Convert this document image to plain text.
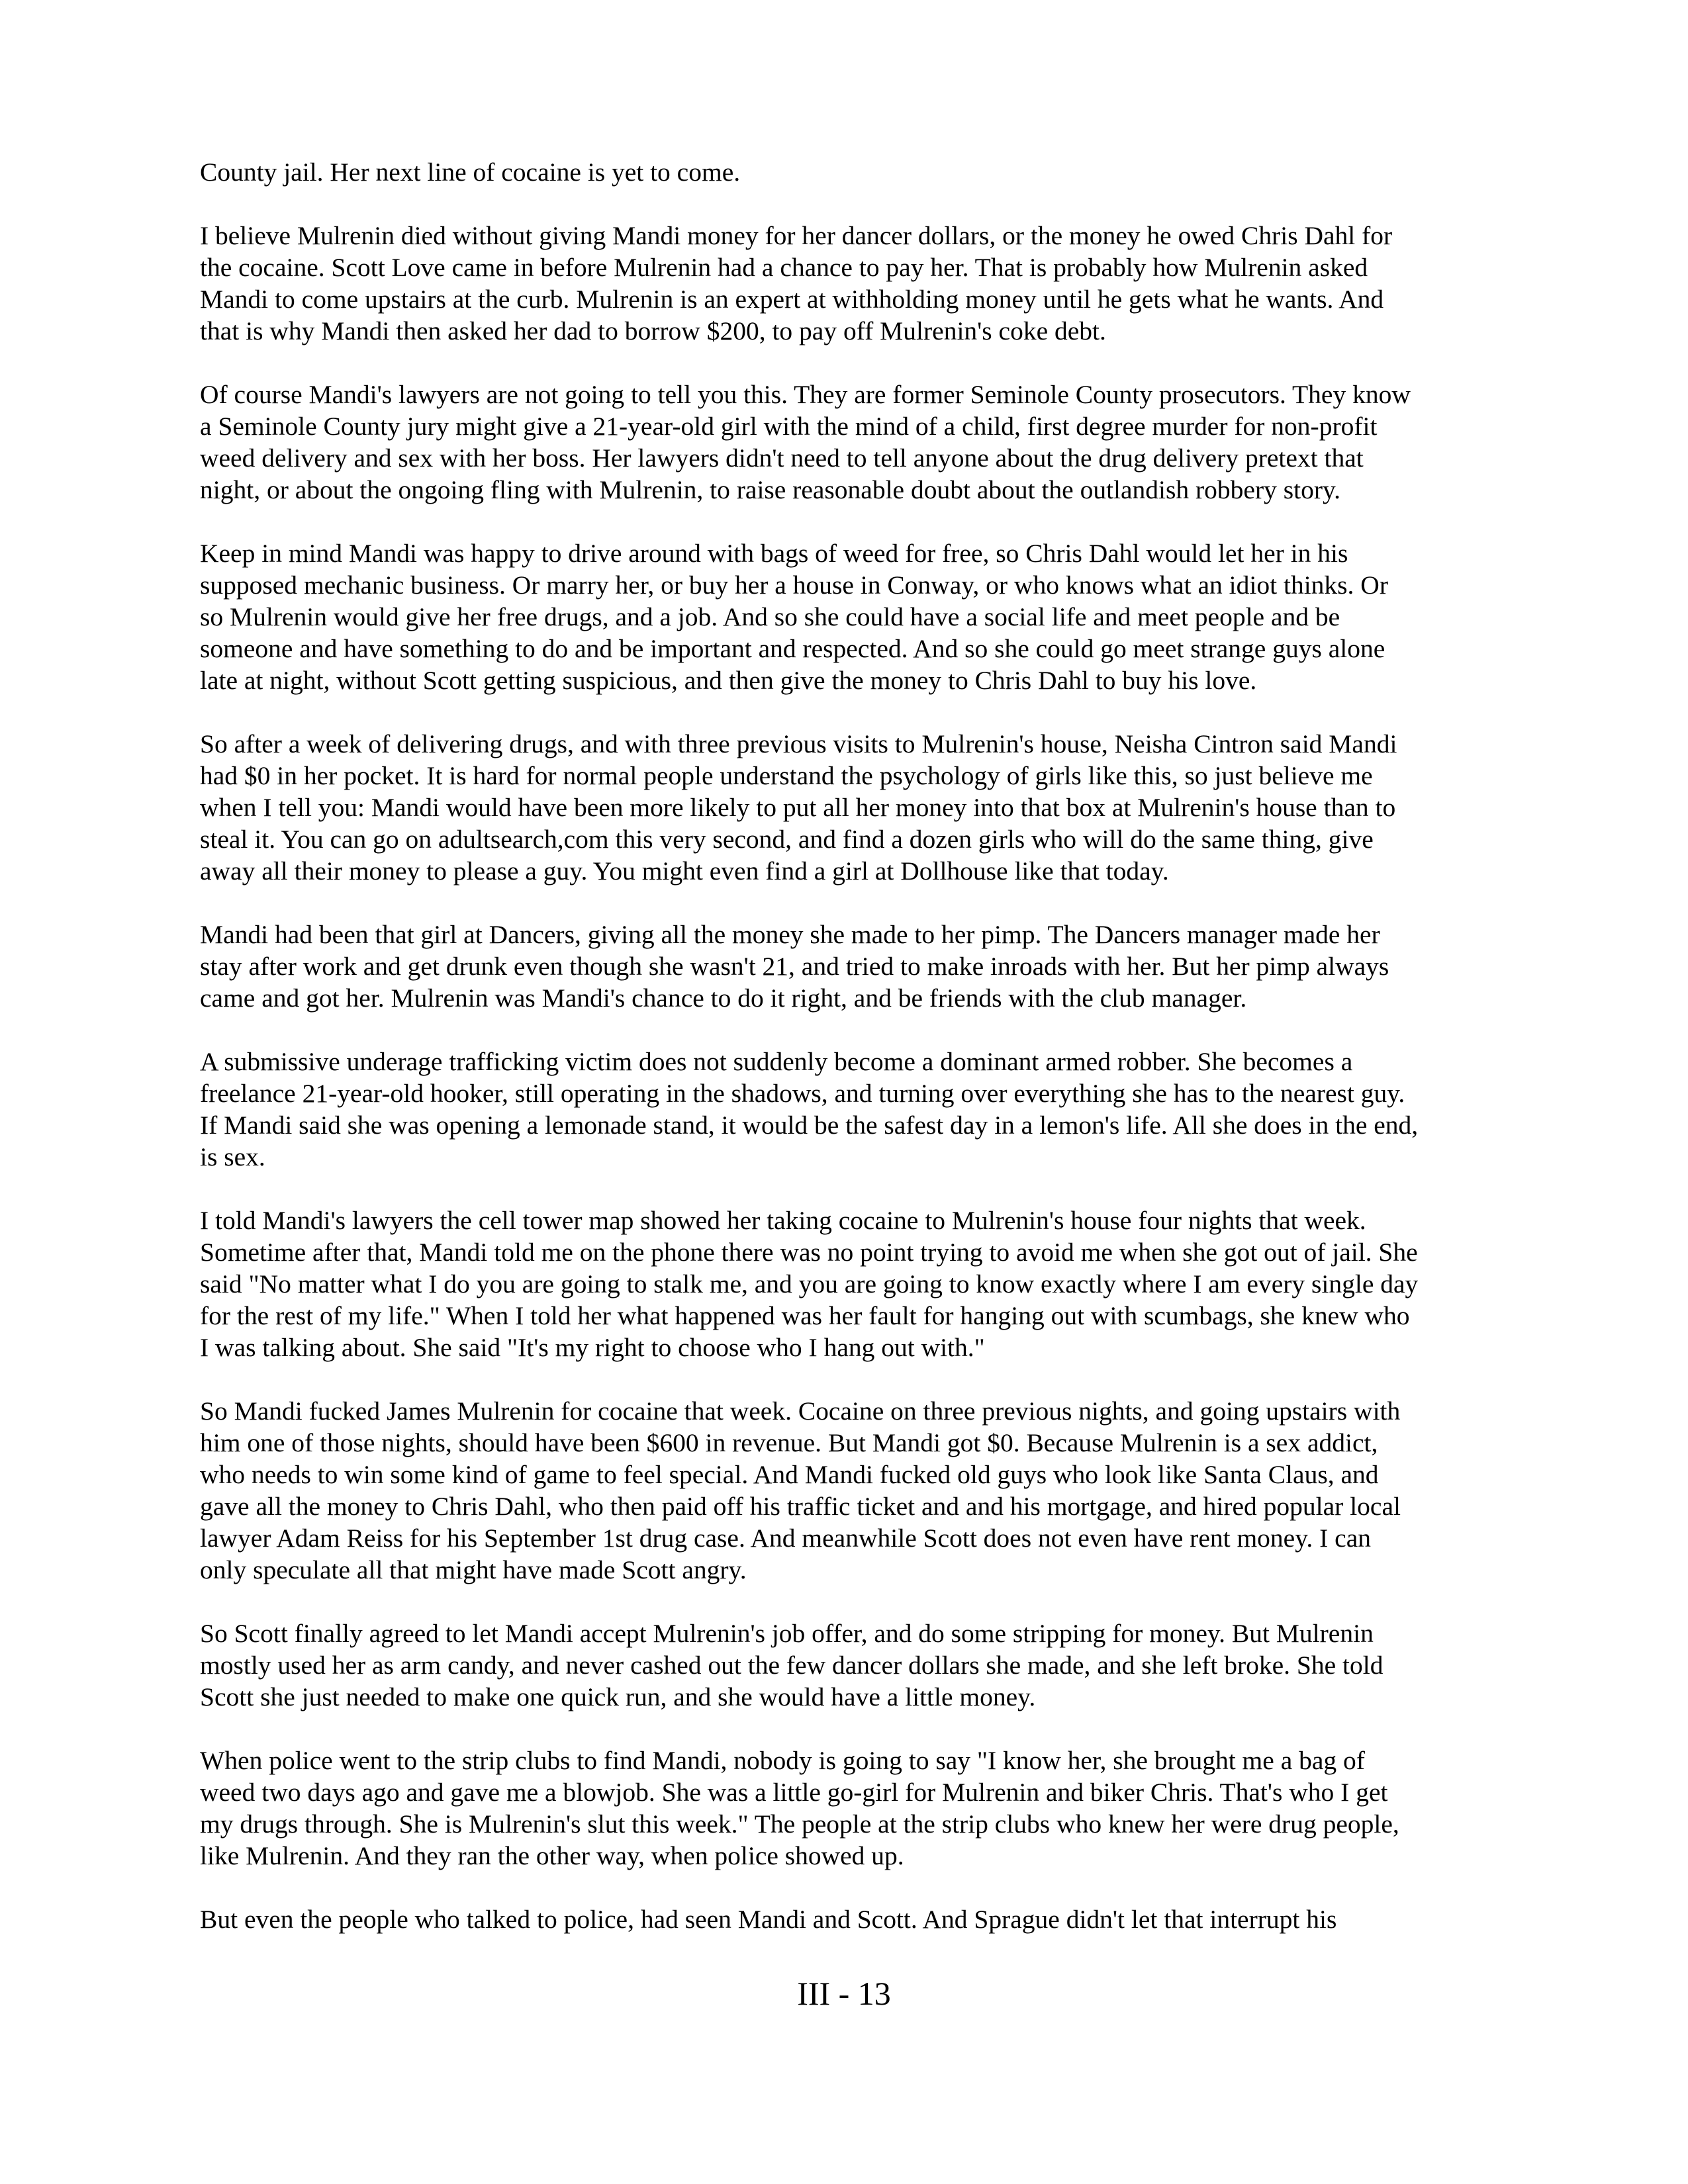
County jail. Her next line of cocaine is yet to come.
I believe Mulrenin died without giving Mandi money for her dancer dollars, or the money he owed Chris Dahl for
the cocaine. Scott Love came in before Mulrenin had a chance to pay her. That is probably how Mulrenin asked
Mandi to come upstairs at the curb. Mulrenin is an expert at withholding money until he gets what he wants. And
that is why Mandi then asked her dad to borrow $200, to pay off Mulrenin's coke debt.
Of course Mandi's lawyers are not going to tell you this. They are former Seminole County prosecutors. They know
a Seminole County jury might give a 21-year-old girl with the mind of a child, first degree murder for non-profit
weed delivery and sex with her boss. Her lawyers didn't need to tell anyone about the drug delivery pretext that
night, or about the ongoing fling with Mulrenin, to raise reasonable doubt about the outlandish robbery story.
Keep in mind Mandi was happy to drive around with bags of weed for free, so Chris Dahl would let her in his
supposed mechanic business. Or marry her, or buy her a house in Conway, or who knows what an idiot thinks. Or
so Mulrenin would give her free drugs, and a job. And so she could have a social life and meet people and be
someone and have something to do and be important and respected. And so she could go meet strange guys alone
late at night, without Scott getting suspicious, and then give the money to Chris Dahl to buy his love.
So after a week of delivering drugs, and with three previous visits to Mulrenin's house, Neisha Cintron said Mandi
had $0 in her pocket. It is hard for normal people understand the psychology of girls like this, so just believe me
when I tell you: Mandi would have been more likely to put all her money into that box at Mulrenin's house than to
steal it. You can go on adultsearch,com this very second, and find a dozen girls who will do the same thing, give
away all their money to please a guy. You might even find a girl at Dollhouse like that today.
Mandi had been that girl at Dancers, giving all the money she made to her pimp. The Dancers manager made her
stay after work and get drunk even though she wasn't 21, and tried to make inroads with her. But her pimp always
came and got her. Mulrenin was Mandi's chance to do it right, and be friends with the club manager.
A submissive underage trafficking victim does not suddenly become a dominant armed robber. She becomes a
freelance 21-year-old hooker, still operating in the shadows, and turning over everything she has to the nearest guy.
If Mandi said she was opening a lemonade stand, it would be the safest day in a lemon's life. All she does in the end,
is sex.
I told Mandi's lawyers the cell tower map showed her taking cocaine to Mulrenin's house four nights that week.
Sometime after that, Mandi told me on the phone there was no point trying to avoid me when she got out of jail. She
said "No matter what I do you are going to stalk me, and you are going to know exactly where I am every single day
for the rest of my life." When I told her what happened was her fault for hanging out with scumbags, she knew who
I was talking about. She said "It's my right to choose who I hang out with."
So Mandi fucked James Mulrenin for cocaine that week. Cocaine on three previous nights, and going upstairs with
him one of those nights, should have been $600 in revenue. But Mandi got $0. Because Mulrenin is a sex addict,
who needs to win some kind of game to feel special. And Mandi fucked old guys who look like Santa Claus, and
gave all the money to Chris Dahl, who then paid off his traffic ticket and and his mortgage, and hired popular local
lawyer Adam Reiss for his September 1st drug case. And meanwhile Scott does not even have rent money. I can
only speculate all that might have made Scott angry.
So Scott finally agreed to let Mandi accept Mulrenin's job offer, and do some stripping for money. But Mulrenin
mostly used her as arm candy, and never cashed out the few dancer dollars she made, and she left broke. She told
Scott she just needed to make one quick run, and she would have a little money.
When police went to the strip clubs to find Mandi, nobody is going to say "I know her, she brought me a bag of
weed two days ago and gave me a blowjob. She was a little go-girl for Mulrenin and biker Chris. That's who I get
my drugs through. She is Mulrenin's slut this week." The people at the strip clubs who knew her were drug people,
like Mulrenin. And they ran the other way, when police showed up.
But even the people who talked to police, had seen Mandi and Scott. And Sprague didn't let that interrupt his
III - 13
